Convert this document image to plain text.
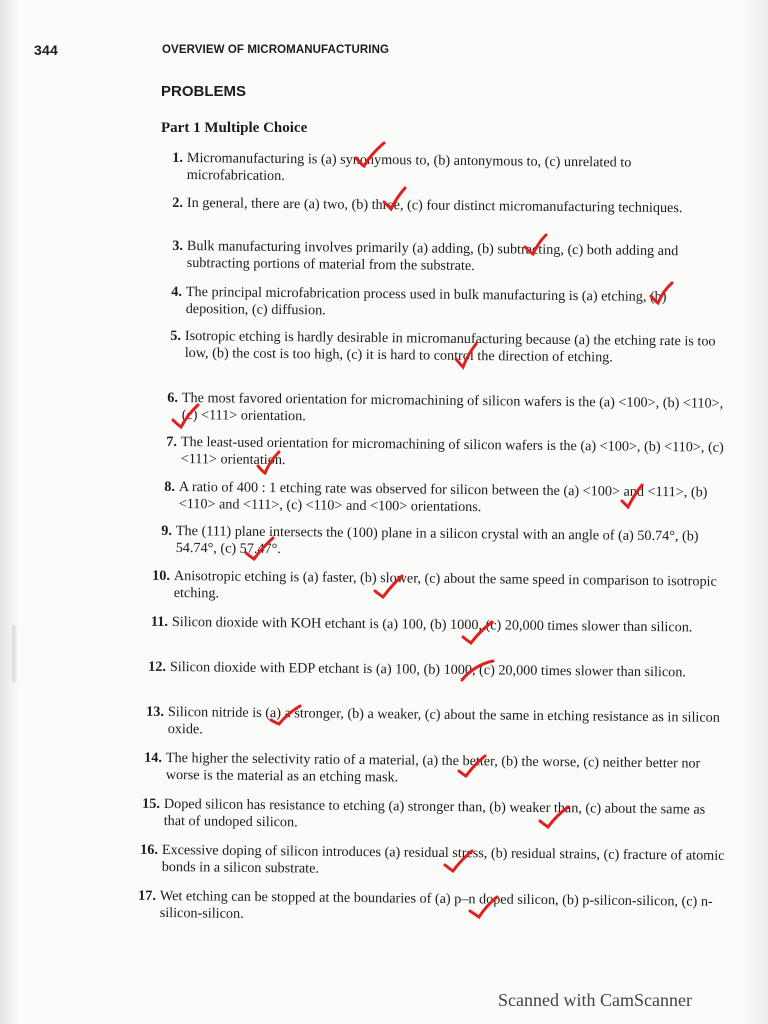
344	OVERVIEW OF MICROMANUFACTURING
PROBLEMS
Part 1 Multiple Choice
1. Micromanufacturing is (a) synonymous to, (b) antonymous to, (c) unrelated to microfabrication.
2. In general, there are (a) two, (b) three, (c) four distinct micromanufacturing techniques.
3. Bulk manufacturing involves primarily (a) adding, (b) subtracting, (c) both adding and subtracting portions of material from the substrate.
4. The principal microfabrication process used in bulk manufacturing is (a) etching, (b) deposition, (c) diffusion.
5. Isotropic etching is hardly desirable in micromanufacturing because (a) the etching rate is too low, (b) the cost is too high, (c) it is hard to control the direction of etching.
6. The most favored orientation for micromachining of silicon wafers is the (a) <100>, (b) <110>, (c) <111> orientation.
7. The least-used orientation for micromachining of silicon wafers is the (a) <100>, (b) <110>, (c) <111> orientation.
8. A ratio of 400 : 1 etching rate was observed for silicon between the (a) <100> and <111>, (b) <110> and <111>, (c) <110> and <100> orientations.
9. The (111) plane intersects the (100) plane in a silicon crystal with an angle of (a) 50.74°, (b) 54.74°, (c) 57.47°.
10. Anisotropic etching is (a) faster, (b) slower, (c) about the same speed in comparison to isotropic etching.
11. Silicon dioxide with KOH etchant is (a) 100, (b) 1000, (c) 20,000 times slower than silicon.
12. Silicon dioxide with EDP etchant is (a) 100, (b) 1000, (c) 20,000 times slower than silicon.
13. Silicon nitride is (a) a stronger, (b) a weaker, (c) about the same in etching resistance as in silicon oxide.
14. The higher the selectivity ratio of a material, (a) the better, (b) the worse, (c) neither better nor worse is the material as an etching mask.
15. Doped silicon has resistance to etching (a) stronger than, (b) weaker than, (c) about the same as that of undoped silicon.
16. Excessive doping of silicon introduces (a) residual stress, (b) residual strains, (c) fracture of atomic bonds in a silicon substrate.
17. Wet etching can be stopped at the boundaries of (a) p–n doped silicon, (b) p-silicon-silicon, (c) n-silicon-silicon.
Scanned with CamScanner
